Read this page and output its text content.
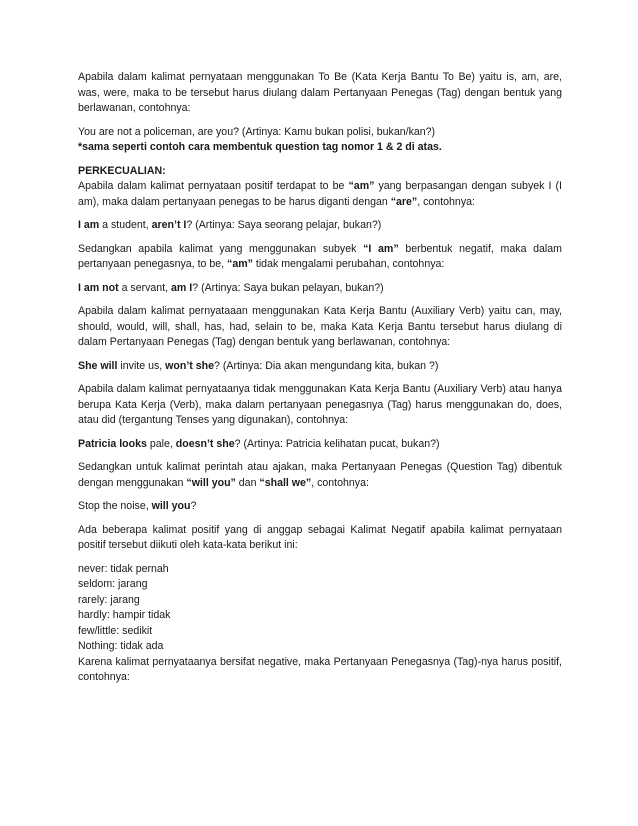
Apabila dalam kalimat pernyataan menggunakan To Be (Kata Kerja Bantu To Be) yaitu is, am, are, was, were, maka to be tersebut harus diulang dalam Pertanyaan Penegas (Tag) dengan bentuk yang berlawanan, contohnya:

You are not a policeman, are you? (Artinya: Kamu bukan polisi, bukan/kan?)

*sama seperti contoh cara membentuk question tag nomor 1 & 2 di atas.

PERKECUALIAN:

Apabila dalam kalimat pernyataan positif terdapat to be “am” yang berpasangan dengan subyek I (I am), maka dalam pertanyaan penegas to be harus diganti dengan “are”, contohnya:

I am a student, aren’t I? (Artinya: Saya seorang pelajar, bukan?)

Sedangkan apabila kalimat yang menggunakan subyek “I am” berbentuk negatif, maka dalam pertanyaan penegasnya, to be, “am” tidak mengalami perubahan, contohnya:

I am not a servant, am I? (Artinya: Saya bukan pelayan, bukan?)

Apabila dalam kalimat pernyataaan menggunakan Kata Kerja Bantu (Auxiliary Verb) yaitu can, may, should, would, will, shall, has, had, selain to be, maka Kata Kerja Bantu tersebut harus diulang di dalam Pertanyaan Penegas (Tag) dengan bentuk yang berlawanan, contohnya:

She will invite us, won’t she? (Artinya: Dia akan mengundang kita, bukan ?)

Apabila dalam kalimat pernyataanya tidak menggunakan Kata Kerja Bantu (Auxiliary Verb) atau hanya berupa Kata Kerja (Verb), maka dalam pertanyaan penegasnya (Tag) harus menggunakan do, does, atau did (tergantung Tenses yang digunakan), contohnya:

Patricia looks pale, doesn’t she? (Artinya: Patricia kelihatan pucat, bukan?)

Sedangkan untuk kalimat perintah atau ajakan, maka Pertanyaan Penegas (Question Tag) dibentuk dengan menggunakan “will you” dan “shall we”, contohnya:

Stop the noise, will you?

Ada beberapa kalimat positif yang di anggap sebagai Kalimat Negatif apabila kalimat pernyataan positif tersebut diikuti oleh kata-kata berikut ini:

never: tidak pernah

seldom: jarang

rarely: jarang

hardly: hampir tidak

few/little: sedikit

Nothing: tidak ada

Karena kalimat pernyataanya bersifat negative, maka Pertanyaan Penegasnya (Tag)-nya harus positif, contohnya:
